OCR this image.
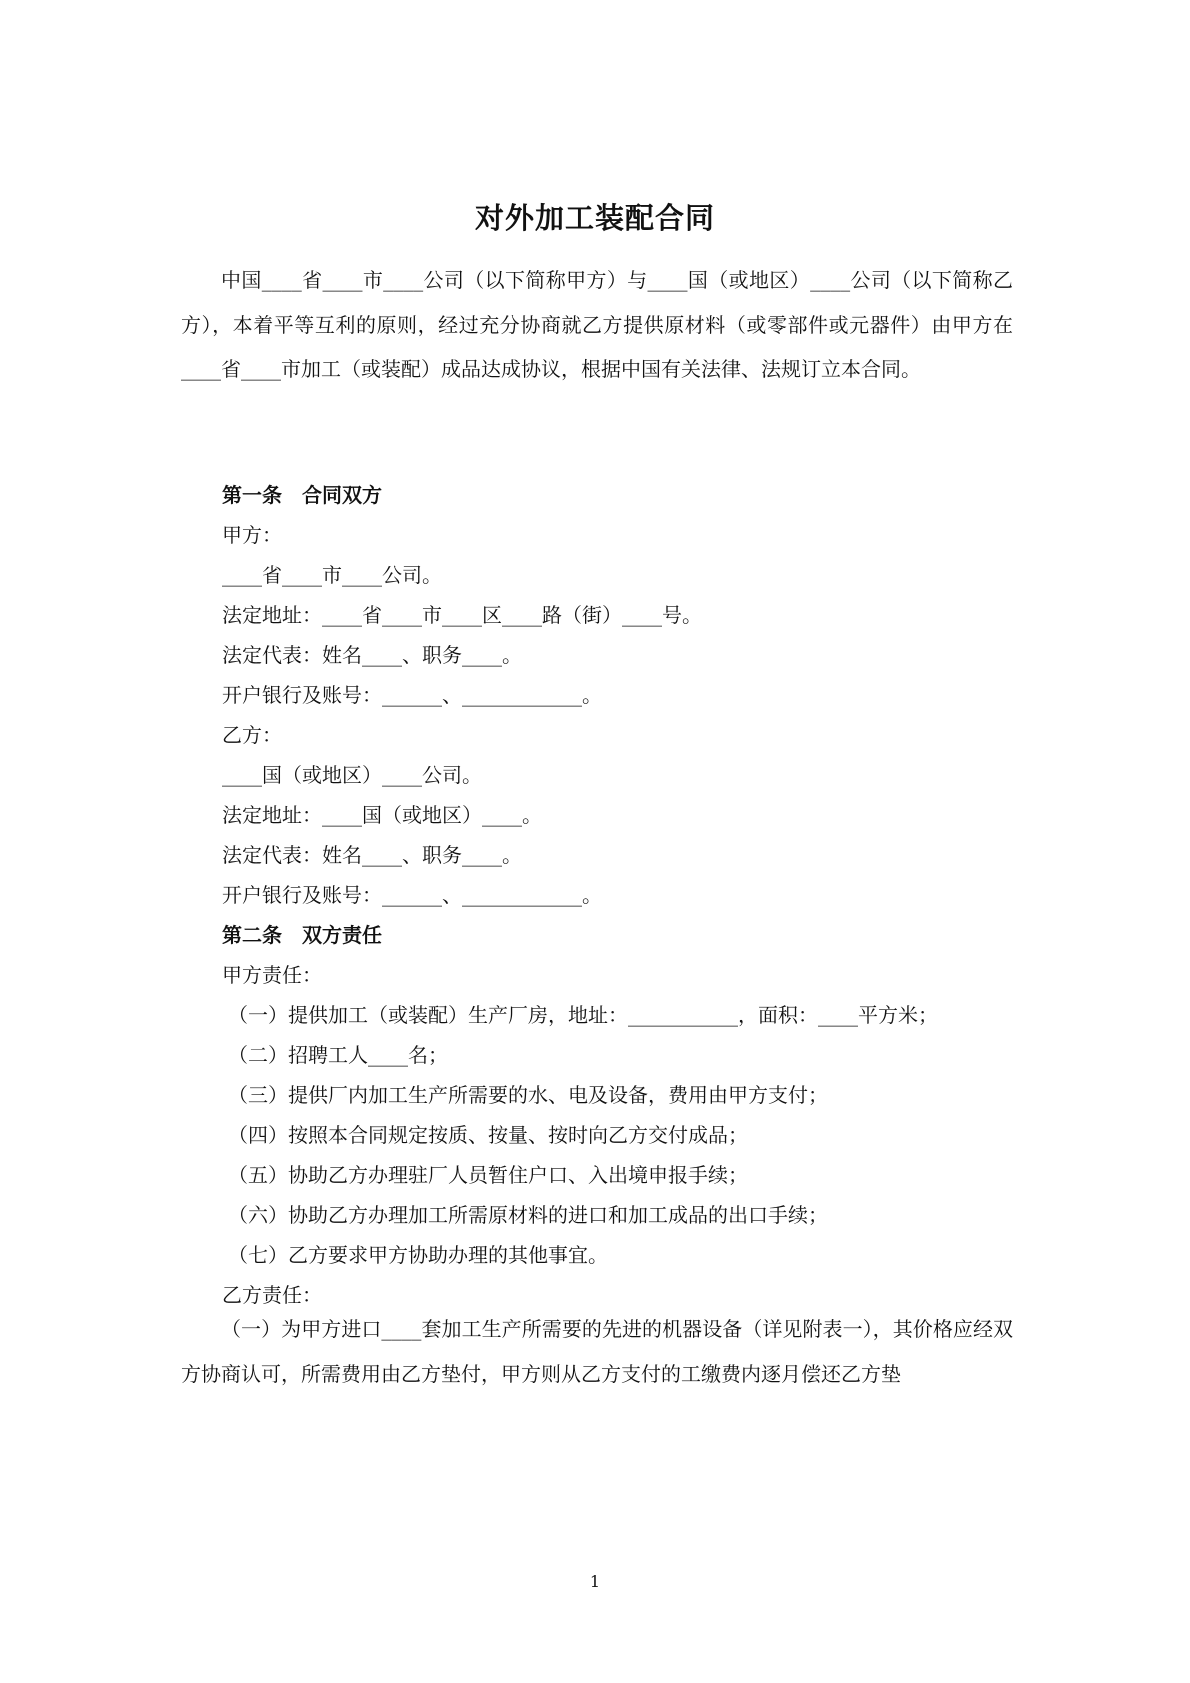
对外加工装配合同

中国____省____市____公司（以下简称甲方）与____国（或地区）____公司（以下简称乙方），本着平等互利的原则，经过充分协商就乙方提供原材料（或零部件或元器件）由甲方在____省____市加工（或装配）成品达成协议，根据中国有关法律、法规订立本合同。

第一条　合同双方
甲方：
____省____市____公司。
法定地址：____省____市____区____路（街）____号。
法定代表：姓名____、职务____。
开户银行及账号：______、____________。
乙方：
____国（或地区）____公司。
法定地址：____国（或地区）____。
法定代表：姓名____、职务____。
开户银行及账号：______、____________。
第二条　双方责任
甲方责任：
（一）提供加工（或装配）生产厂房，地址：___________，面积：____平方米；
（二）招聘工人____名；
（三）提供厂内加工生产所需要的水、电及设备，费用由甲方支付；
（四）按照本合同规定按质、按量、按时向乙方交付成品；
（五）协助乙方办理驻厂人员暂住户口、入出境申报手续；
（六）协助乙方办理加工所需原材料的进口和加工成品的出口手续；
（七）乙方要求甲方协助办理的其他事宜。
乙方责任：

（一）为甲方进口____套加工生产所需要的先进的机器设备（详见附表一），其价格应经双方协商认可，所需费用由乙方垫付，甲方则从乙方支付的工缴费内逐月偿还乙方垫

1
